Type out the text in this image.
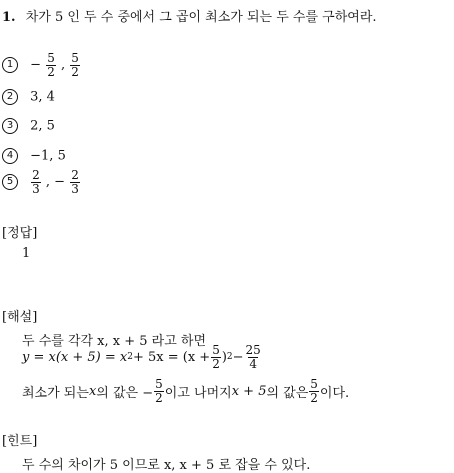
1. 차가 5 인 두 수 중에서 그 곱이 최소가 되는 두 수를 구하여라.
$1 - \frac{5}{2}$ , $\frac{5}{2}$
2 3, 4
3 2, 5
4 −1, 5
$5 \frac{2}{3}$ , − $\frac{2}{3}$
[정답]
1
[해설]
두 수를 각각 x, x + 5 라고 하면
y = x(x + 5) = x $2 + 5x = (x + \frac{5}{2}$ ) $2 - \frac{25}{4}$
최소가 되는 x 의 값은 − $\frac{5}{2}$ 이고 나머지 x + 5 의 값은 $\frac{5}{2}$ 이다.
[힌트]
두 수의 차이가 5 이므로 x, x + 5 로 잡을 수 있다.
